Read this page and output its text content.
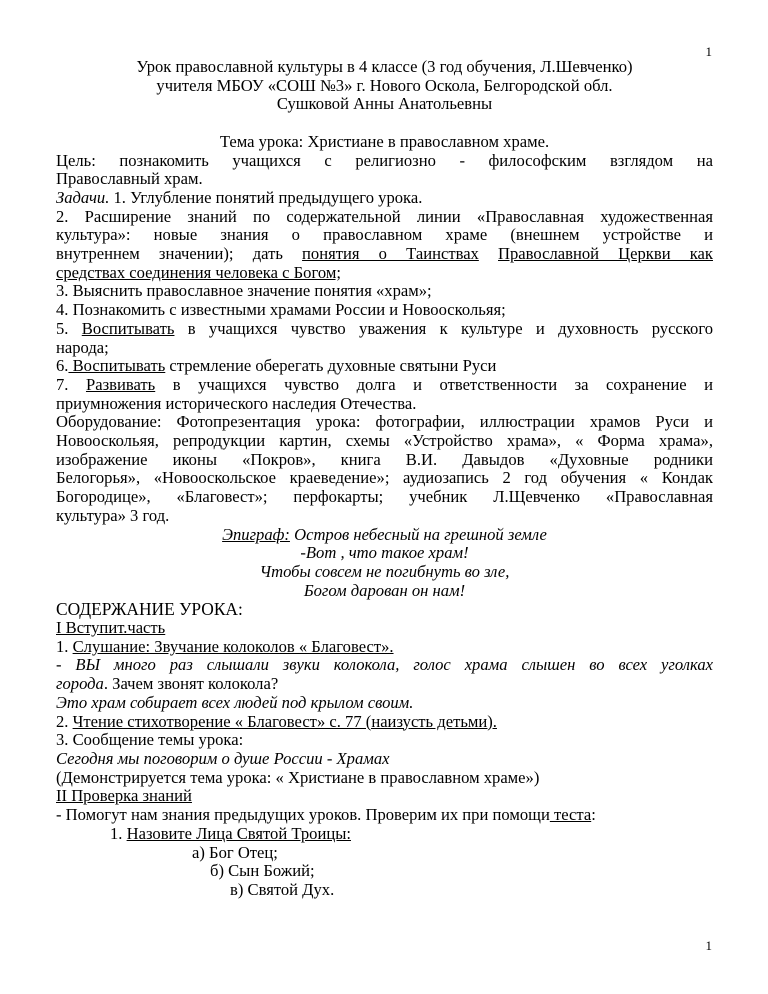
1

Урок православной культуры в 4 классе (3 год обучения, Л.Шевченко)

учителя МБОУ «СОШ №3» г. Нового Оскола, Белгородской обл.

Сушковой Анны Анатольевны

Тема урока: Христиане в православном храме.

Цель: познакомить учащихся с религиозно - философским взглядом на

Православный храм.

Задачи. 1. Углубление понятий предыдущего урока.

2. Расширение знаний по содержательной линии «Православная художественная

культура»: новые знания о православном храме (внешнем устройстве и

внутреннем значении); дать понятия о Таинствах Православной Церкви как

средствах соединения человека с Богом;

3. Выяснить православное значение понятия «храм»;

4. Познакомить с известными храмами России и Новооскольяя;

5. Воспитывать в учащихся чувство уважения к культуре и духовность русского

народа;

6. Воспитывать стремление оберегать духовные святыни Руси

7. Развивать в учащихся чувство долга и ответственности за сохранение и

приумножения исторического наследия Отечества.

Оборудование: Фотопрезентация урока: фотографии, иллюстрации храмов Руси и

Новооскольяя, репродукции картин, схемы «Устройство храма», « Форма храма»,

изображение иконы «Покров», книга В.И. Давыдов «Духовные родники

Белогорья», «Новооскольское краеведение»; аудиозапись 2 год обучения « Кондак

Богородице», «Благовест»; перфокарты; учебник Л.Щевченко «Православная

культура» 3 год.

Эпиграф: Остров небесный на грешной земле

-Вот , что такое храм!

Чтобы совсем не погибнуть во зле,

Богом дарован он нам!

СОДЕРЖАНИЕ УРОКА:

I Вступит.часть

1. Слушание: Звучание колоколов « Благовест».

- ВЫ много раз слышали звуки колокола, голос храма слышен во всех уголках

города. Зачем звонят колокола?

Это храм собирает всех людей под крылом своим.

2. Чтение стихотворение « Благовест» с. 77 (наизусть детьми).

3. Сообщение темы урока:

Сегодня мы поговорим о душе России - Храмах

(Демонстрируется тема урока: « Христиане в православном храме»)

II Проверка знаний

- Помогут нам знания предыдущих уроков. Проверим их при помощи теста:

1. Назовите Лица Святой Троицы:

а) Бог Отец;

б) Сын Божий;

в) Святой Дух.

1
